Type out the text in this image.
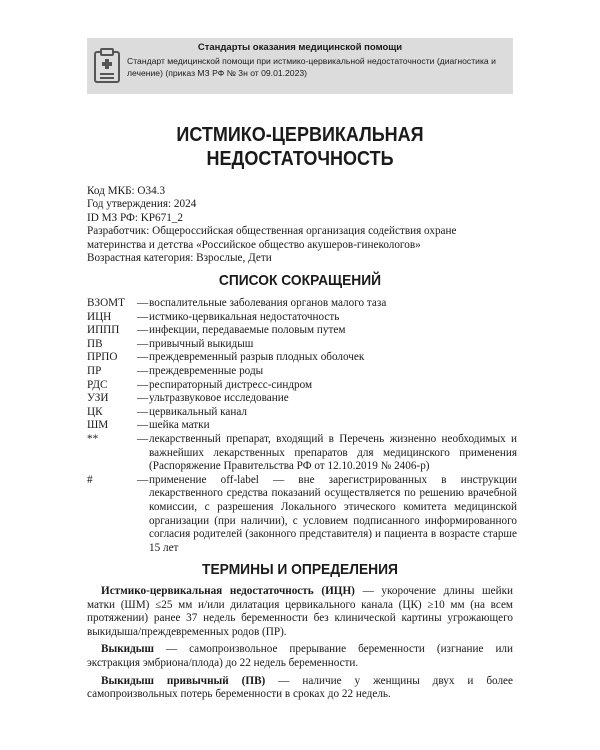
Стандарты оказания медицинской помощи
Стандарт медицинской помощи при истмико-цервикальной недостаточности (диагностика и лечение) (приказ МЗ РФ № 3н от 09.01.2023)
ИСТМИКО-ЦЕРВИКАЛЬНАЯ
НЕДОСТАТОЧНОСТЬ
Код МКБ: O34.3
Год утверждения: 2024
ID МЗ РФ: KP671_2
Разработчик: Общероссийская общественная организация содействия охране материнства и детства «Российское общество акушеров-гинекологов»
Возрастная категория: Взрослые, Дети
СПИСОК СОКРАЩЕНИЙ
ВЗОМТ	— воспалительные заболевания органов малого таза
ИЦН	— истмико-цервикальная недостаточность
ИППП	— инфекции, передаваемые половым путем
ПВ	— привычный выкидыш
ПРПО	— преждевременный разрыв плодных оболочек
ПР	— преждевременные роды
РДС	— респираторный дистресс-синдром
УЗИ	— ультразвуковое исследование
ЦК	— цервикальный канал
ШМ	— шейка матки
**	— лекарственный препарат, входящий в Перечень жизненно необходимых и важнейших лекарственных препаратов для медицинского применения (Распоряжение Правительства РФ от 12.10.2019 № 2406-р)
#	— применение off-label — вне зарегистрированных в инструкции лекарственного средства показаний осуществляется по решению врачебной комиссии, с разрешения Локального этического комитета медицинской организации (при наличии), с условием подписанного информированного согласия родителей (законного представителя) и пациента в возрасте старше 15 лет
ТЕРМИНЫ И ОПРЕДЕЛЕНИЯ

Истмико-цервикальная недостаточность (ИЦН) — укорочение длины шейки матки (ШМ) ≤25 мм и/или дилатация цервикального канала (ЦК) ≥10 мм (на всем протяжении) ранее 37 недель беременности без клинической картины угрожающего выкидыша/преждевременных родов (ПР).

Выкидыш — самопроизвольное прерывание беременности (изгнание или экстракция эмбриона/плода) до 22 недель беременности.

Выкидыш привычный (ПВ) — наличие у женщины двух и более самопроизвольных потерь беременности в сроках до 22 недель.
